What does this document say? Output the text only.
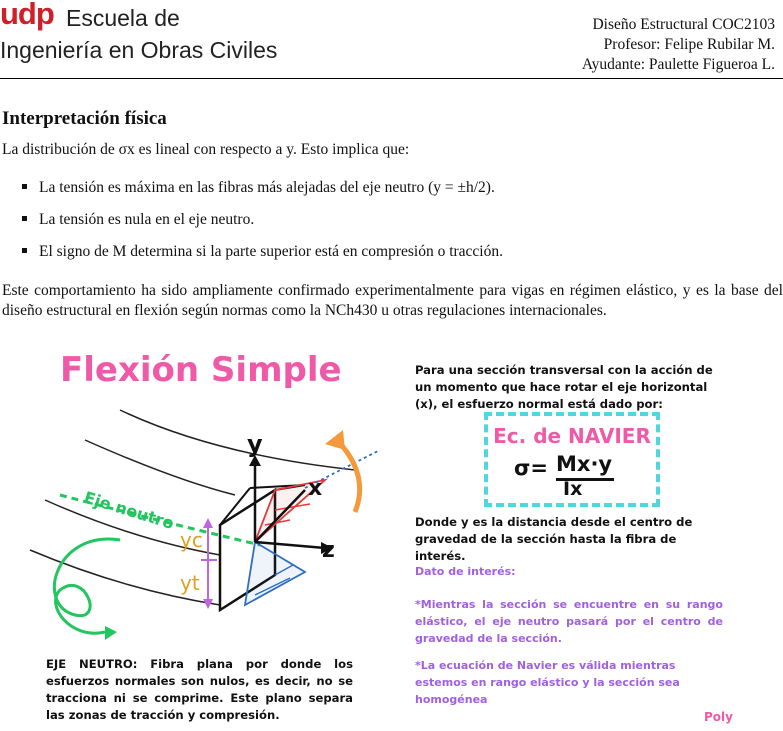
udp Escuela de
Ingeniería en Obras Civiles
Diseño Estructural COC2103
Profesor: Felipe Rubilar M.
Ayudante: Paulette Figueroa L.
Interpretación física
La distribución de σx es lineal con respecto a y. Esto implica que:
La tensión es máxima en las fibras más alejadas del eje neutro (y = ±h/2).
La tensión es nula en el eje neutro.
El signo de M determina si la parte superior está en compresión o tracción.
Este comportamiento ha sido ampliamente confirmado experimentalmente para vigas en régimen elástico, y es la base del diseño estructural en flexión según normas como la NCh430 u otras regulaciones internacionales.
Flexión Simple
y
x
z
Eje neutro
yc
yt
EJE NEUTRO: Fibra plana por donde los esfuerzos normales son nulos, es decir, no se tracciona ni se comprime. Este plano separa las zonas de tracción y compresión.
Para una sección transversal con la acción de un momento que hace rotar el eje horizontal (x), el esfuerzo normal está dado por:
Ec. de NAVIER
σ= Mx·y
Ix
Donde y es la distancia desde el centro de gravedad de la sección hasta la fibra de interés.
Dato de interés:
*Mientras la sección se encuentre en su rango elástico, el eje neutro pasará por el centro de gravedad de la sección.
*La ecuación de Navier es válida mientras estemos en rango elástico y la sección sea homogénea
Poly
